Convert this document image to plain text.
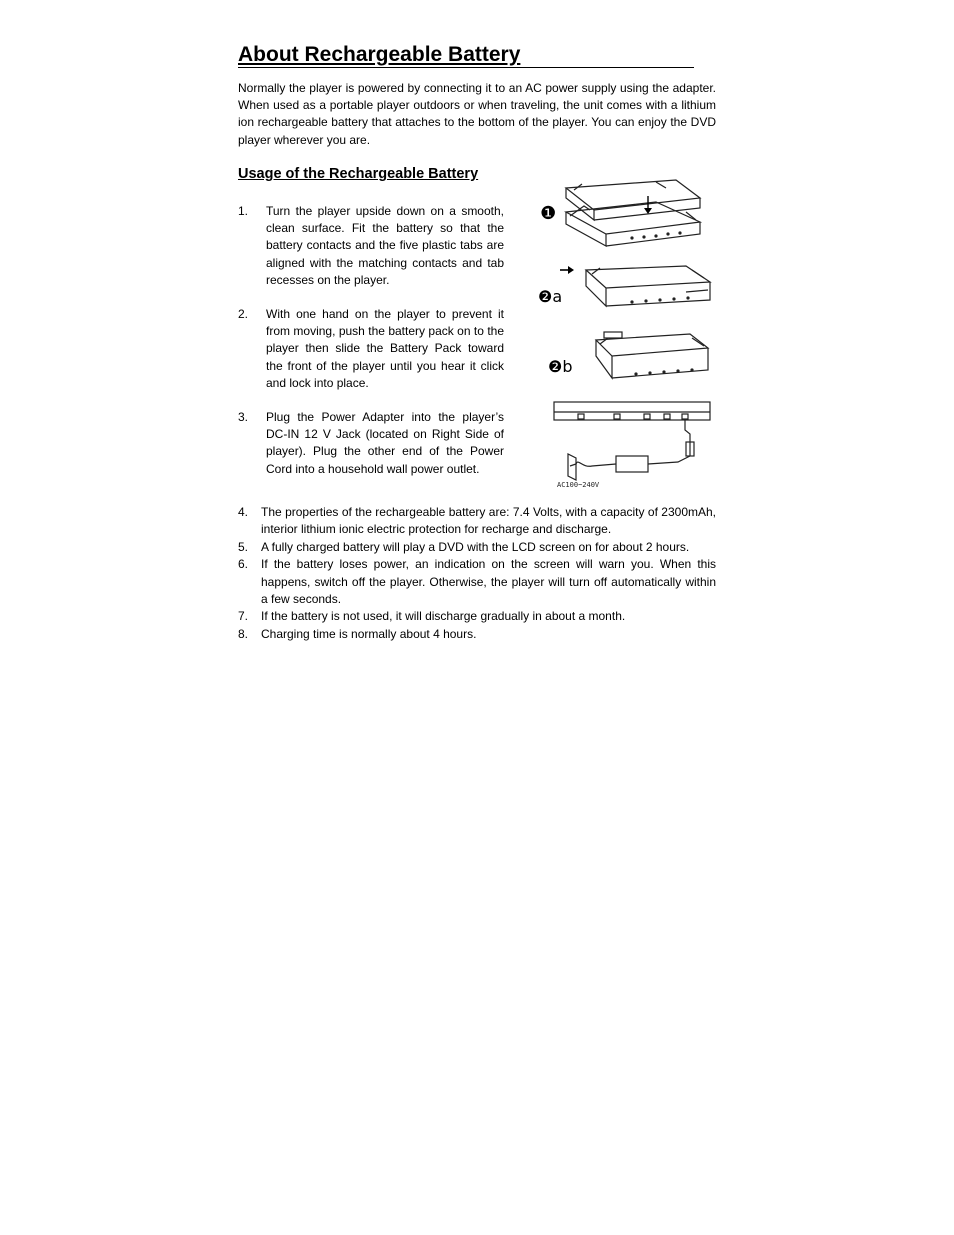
About Rechargeable Battery

Normally the player is powered by connecting it to an AC power supply using the adapter. When used as a portable player outdoors or when traveling, the unit comes with a lithium ion rechargeable battery that attaches to the bottom of the player. You can enjoy the DVD player wherever you are.

Usage of the Rechargeable Battery
1. Turn the player upside down on a smooth, clean surface. Fit the battery so that the battery contacts and the five plastic tabs are aligned with the matching contacts and tab recesses on the player.
2. With one hand on the player to prevent it from moving, push the battery pack on to the player then slide the Battery Pack toward the front of the player until you hear it click and lock into place.
3. Plug the Power Adapter into the player’s DC-IN 12 V Jack (located on Right Side of player). Plug the other end of the Power Cord into a household wall power outlet.
4. The properties of the rechargeable battery are: 7.4 Volts, with a capacity of 2300mAh, interior lithium ionic electric protection for recharge and discharge.
5. A fully charged battery will play a DVD with the LCD screen on for about 2 hours.
6. If the battery loses power, an indication on the screen will warn you. When this happens, switch off the player. Otherwise, the player will turn off automatically within a few seconds.
7. If the battery is not used, it will discharge gradually in about a month.
8. Charging time is normally about 4 hours.
❶
❷a
❷b
AC100~240V
